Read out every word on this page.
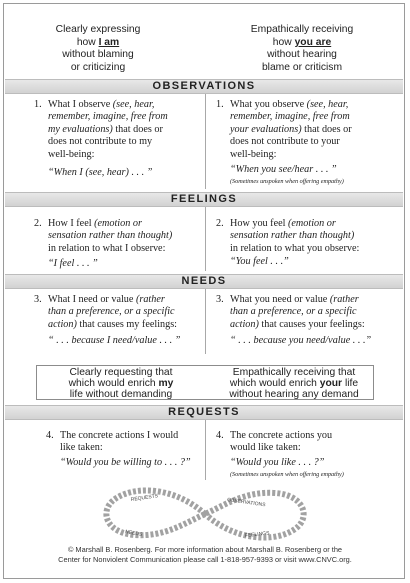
Clearly expressing
how I am
without blaming
or criticizing
Empathically receiving
how you are
without hearing
blame or criticism
OBSERVATIONS
1. What I observe (see, hear,
remember, imagine, free from
my evaluations) that does or
does not contribute to my
well-being:
“When I (see, hear) . . . ”
1. What you observe (see, hear,
remember, imagine, free from
your evaluations) that does or
does not contribute to your
well-being:
“When you see/hear . . . ”
(Sometimes unspoken when offering empathy)
FEELINGS
2. How I feel (emotion or
sensation rather than thought)
in relation to what I observe:
“I feel . . . ”
2. How you feel (emotion or
sensation rather than thought)
in relation to what you observe:
“You feel . . .”
NEEDS
3. What I need or value (rather
than a preference, or a specific
action) that causes my feelings:
“ . . . because I need/value . . . ”
3. What you need or value (rather
than a preference, or a specific
action) that causes your feelings:
“ . . . because you need/value . . .”
Clearly requesting that
which would enrich my
life without demanding
Empathically receiving that
which would enrich your life
without hearing any demand
REQUESTS
4. The concrete actions I would
like taken:
“Would you be willing to . . . ?”
4. The concrete actions you
would like taken:
“Would you like . . . ?”
(Sometimes unspoken when offering empathy)
REQUESTS	OBSERVATIONS
FEELINGS
NEEDS
© Marshall B. Rosenberg. For more information about Marshall B. Rosenberg or the
Center for Nonviolent Communication please call 1-818-957-9393 or visit www.CNVC.org.
